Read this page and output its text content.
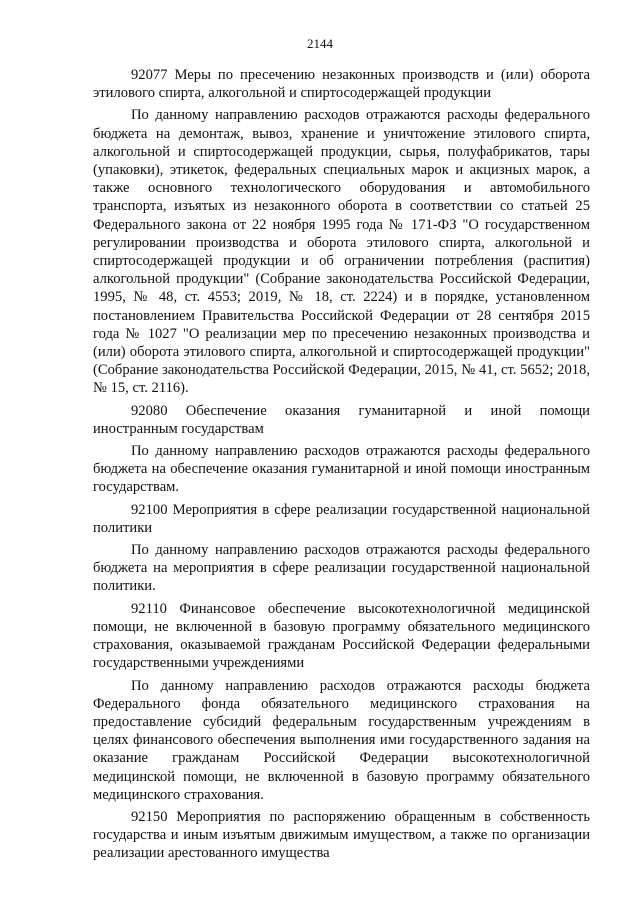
2144

92077 Меры по пресечению незаконных производств и (или) оборота этилового спирта, алкогольной и спиртосодержащей продукции

По данному направлению расходов отражаются расходы федерального бюджета на демонтаж, вывоз, хранение и уничтожение этилового спирта, алкогольной и спиртосодержащей продукции, сырья, полуфабрикатов, тары (упаковки), этикеток, федеральных специальных марок и акцизных марок, а также основного технологического оборудования и автомобильного транспорта, изъятых из незаконного оборота в соответствии со статьей 25 Федерального закона от 22 ноября 1995 года № 171-ФЗ "О государственном регулировании производства и оборота этилового спирта, алкогольной и спиртосодержащей продукции и об ограничении потребления (распития) алкогольной продукции" (Собрание законодательства Российской Федерации, 1995, № 48, ст. 4553; 2019, № 18, ст. 2224) и в порядке, установленном постановлением Правительства Российской Федерации от 28 сентября 2015 года № 1027 "О реализации мер по пресечению незаконных производства и (или) оборота этилового спирта, алкогольной и спиртосодержащей продукции" (Собрание законодательства Российской Федерации, 2015, № 41, ст. 5652; 2018, № 15, ст. 2116).

92080 Обеспечение оказания гуманитарной и иной помощи иностранным государствам

По данному направлению расходов отражаются расходы федерального бюджета на обеспечение оказания гуманитарной и иной помощи иностранным государствам.

92100 Мероприятия в сфере реализации государственной национальной политики

По данному направлению расходов отражаются расходы федерального бюджета на мероприятия в сфере реализации государственной национальной политики.

92110 Финансовое обеспечение высокотехнологичной медицинской помощи, не включенной в базовую программу обязательного медицинского страхования, оказываемой гражданам Российской Федерации федеральными государственными учреждениями

По данному направлению расходов отражаются расходы бюджета Федерального фонда обязательного медицинского страхования на предоставление субсидий федеральным государственным учреждениям в целях финансового обеспечения выполнения ими государственного задания на оказание гражданам Российской Федерации высокотехнологичной медицинской помощи, не включенной в базовую программу обязательного медицинского страхования.

92150 Мероприятия по распоряжению обращенным в собственность государства и иным изъятым движимым имуществом, а также по организации реализации арестованного имущества
